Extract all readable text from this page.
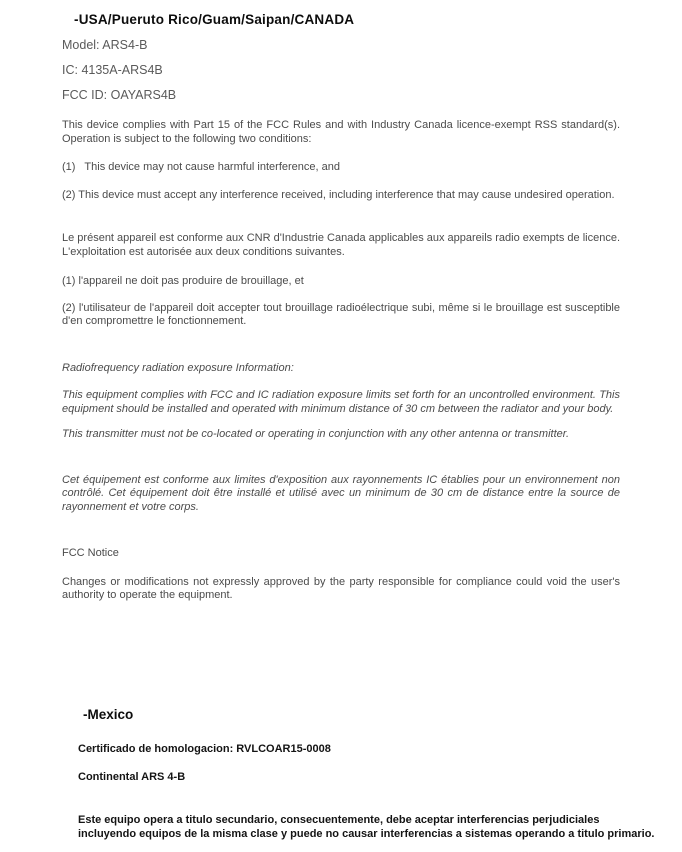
-USA/Pueruto Rico/Guam/Saipan/CANADA
Model: ARS4-B
IC: 4135A-ARS4B
FCC ID: OAYARS4B
This device complies with Part 15 of the FCC Rules and with Industry Canada licence-exempt RSS standard(s). Operation is subject to the following two conditions:
(1)   This device may not cause harmful interference, and
(2) This device must accept any interference received, including interference that may cause undesired operation.
Le présent appareil est conforme aux CNR d'Industrie Canada applicables aux appareils radio exempts de licence. L'exploitation est autorisée aux deux conditions suivantes.
(1) l'appareil ne doit pas produire de brouillage, et
(2) l'utilisateur de l'appareil doit accepter tout brouillage radioélectrique subi, même si le brouillage est susceptible d'en compromettre le fonctionnement.
Radiofrequency radiation exposure Information:
This equipment complies with FCC and IC radiation exposure limits set forth for an uncontrolled environment. This equipment should be installed and operated with minimum distance of 30 cm between the radiator and your body.
This transmitter must not be co-located or operating in conjunction with any other antenna or transmitter.
Cet équipement est conforme aux limites d'exposition aux rayonnements IC établies pour un environnement non contrôlé. Cet équipement doit être installé et utilisé avec un minimum de 30 cm de distance entre la source de rayonnement et votre corps.
FCC Notice
Changes or modifications not expressly approved by the party responsible for compliance could void the user's authority to operate the equipment.
-Mexico
Certificado de homologacion: RVLCOAR15-0008
Continental ARS 4-B
Este equipo opera a titulo secundario, consecuentemente, debe aceptar interferencias perjudiciales
incluyendo equipos de la misma clase y puede no causar interferencias a sistemas operando a titulo primario.
